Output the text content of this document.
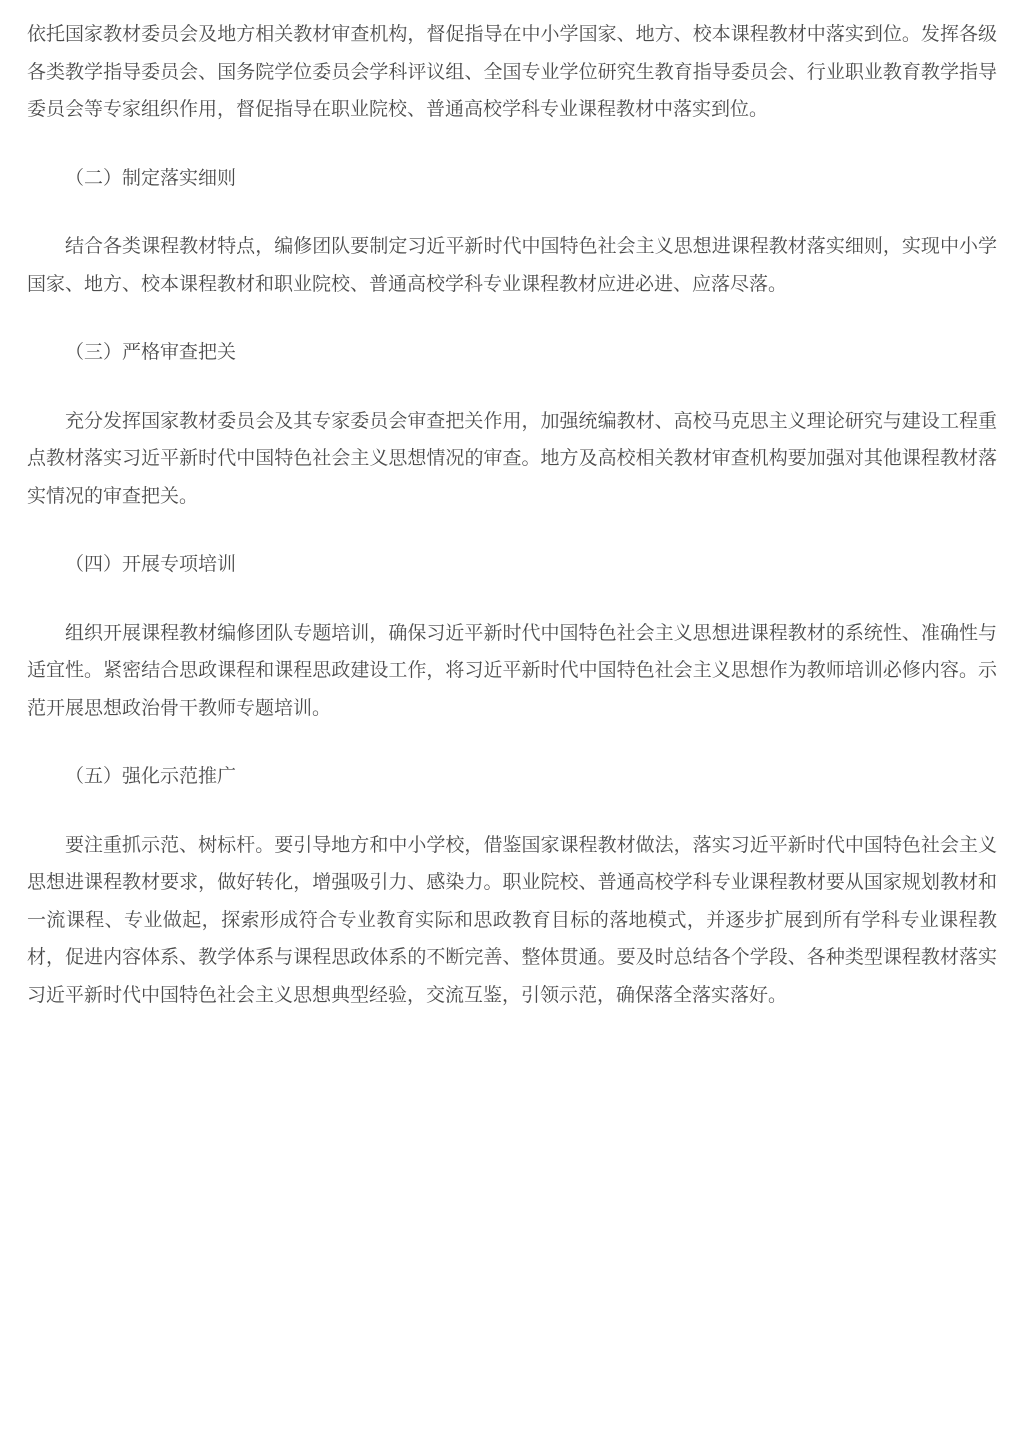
依托国家教材委员会及地方相关教材审查机构，督促指导在中小学国家、地方、校本课程教材中落实到位。发挥各级各类教学指导委员会、国务院学位委员会学科评议组、全国专业学位研究生教育指导委员会、行业职业教育教学指导委员会等专家组织作用，督促指导在职业院校、普通高校学科专业课程教材中落实到位。

（二）制定落实细则

结合各类课程教材特点，编修团队要制定习近平新时代中国特色社会主义思想进课程教材落实细则，实现中小学国家、地方、校本课程教材和职业院校、普通高校学科专业课程教材应进必进、应落尽落。

（三）严格审查把关

充分发挥国家教材委员会及其专家委员会审查把关作用，加强统编教材、高校马克思主义理论研究与建设工程重点教材落实习近平新时代中国特色社会主义思想情况的审查。地方及高校相关教材审查机构要加强对其他课程教材落实情况的审查把关。

（四）开展专项培训

组织开展课程教材编修团队专题培训，确保习近平新时代中国特色社会主义思想进课程教材的系统性、准确性与适宜性。紧密结合思政课程和课程思政建设工作，将习近平新时代中国特色社会主义思想作为教师培训必修内容。示范开展思想政治骨干教师专题培训。

（五）强化示范推广

要注重抓示范、树标杆。要引导地方和中小学校，借鉴国家课程教材做法，落实习近平新时代中国特色社会主义思想进课程教材要求，做好转化，增强吸引力、感染力。职业院校、普通高校学科专业课程教材要从国家规划教材和一流课程、专业做起，探索形成符合专业教育实际和思政教育目标的落地模式，并逐步扩展到所有学科专业课程教材，促进内容体系、教学体系与课程思政体系的不断完善、整体贯通。要及时总结各个学段、各种类型课程教材落实习近平新时代中国特色社会主义思想典型经验，交流互鉴，引领示范，确保落全落实落好。
